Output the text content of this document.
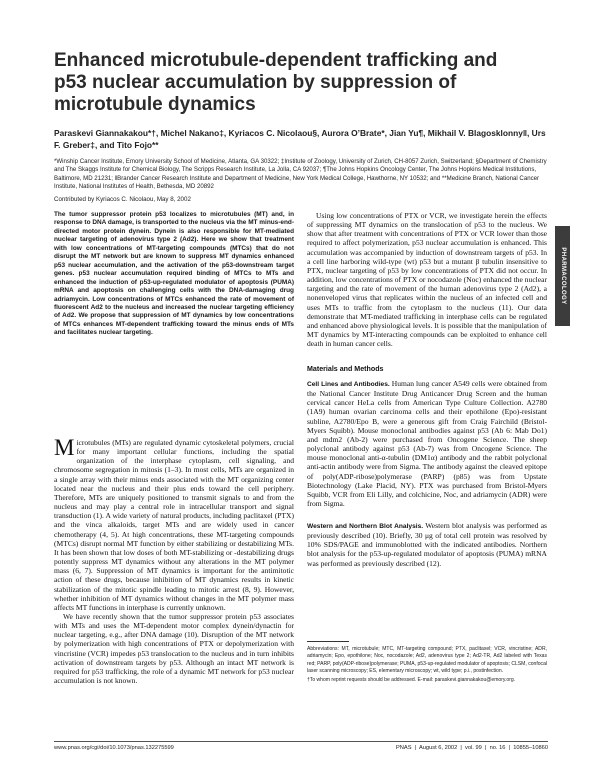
Enhanced microtubule-dependent trafficking and p53 nuclear accumulation by suppression of microtubule dynamics
Paraskevi Giannakakou*†, Michel Nakano‡, Kyriacos C. Nicolaou§, Aurora O’Brate*, Jian Yu¶, Mikhail V. Blagosklonny‖, Urs F. Greber‡, and Tito Fojo**
*Winship Cancer Institute, Emory University School of Medicine, Atlanta, GA 30322; ‡Institute of Zoology, University of Zurich, CH-8057 Zurich, Switzerland; §Department of Chemistry and The Skaggs Institute for Chemical Biology, The Scripps Research Institute, La Jolla, CA 92037; ¶The Johns Hopkins Oncology Center, The Johns Hopkins Medical Institutions, Baltimore, MD 21231; ‖Brander Cancer Research Institute and Department of Medicine, New York Medical College, Hawthorne, NY 10532; and **Medicine Branch, National Cancer Institute, National Institutes of Health, Bethesda, MD 20892
Contributed by Kyriacos C. Nicolaou, May 8, 2002
The tumor suppressor protein p53 localizes to microtubules (MT) and, in response to DNA damage, is transported to the nucleus via the MT minus-end-directed motor protein dynein. Dynein is also responsible for MT-mediated nuclear targeting of adenovirus type 2 (Ad2). Here we show that treatment with low concentrations of MT-targeting compounds (MTCs) that do not disrupt the MT network but are known to suppress MT dynamics enhanced p53 nuclear accumulation, and the activation of the p53-downstream target genes. p53 nuclear accumulation required binding of MTCs to MTs and enhanced the induction of p53-up-regulated modulator of apoptosis (PUMA) mRNA and apoptosis on challenging cells with the DNA-damaging drug adriamycin. Low concentrations of MTCs enhanced the rate of movement of fluorescent Ad2 to the nucleus and increased the nuclear targeting efficiency of Ad2. We propose that suppression of MT dynamics by low concentrations of MTCs enhances MT-dependent trafficking toward the minus ends of MTs and facilitates nuclear targeting.

Microtubules (MTs) are regulated dynamic cytoskeletal polymers, crucial for many important cellular functions, including the spatial organization of the interphase cytoplasm, cell signaling, and chromosome segregation in mitosis (1–3). In most cells, MTs are organized in a single array with their minus ends associated with the MT organizing center located near the nucleus and their plus ends toward the cell periphery. Therefore, MTs are uniquely positioned to transmit signals to and from the nucleus and may play a central role in intracellular transport and signal transduction (1). A wide variety of natural products, including paclitaxel (PTX) and the vinca alkaloids, target MTs and are widely used in cancer chemotherapy (4, 5). At high concentrations, these MT-targeting compounds (MTCs) disrupt normal MT function by either stabilizing or destabilizing MTs. It has been shown that low doses of both MT-stabilizing or -destabilizing drugs potently suppress MT dynamics without any alterations in the MT polymer mass (6, 7). Suppression of MT dynamics is important for the antimitotic action of these drugs, because inhibition of MT dynamics results in kinetic stabilization of the mitotic spindle leading to mitotic arrest (8, 9). However, whether inhibition of MT dynamics without changes in the MT polymer mass affects MT functions in interphase is currently unknown.

We have recently shown that the tumor suppressor protein p53 associates with MTs and uses the MT-dependent motor complex dynein/dynactin for nuclear targeting, e.g., after DNA damage (10). Disruption of the MT network by polymerization with high concentrations of PTX or depolymerization with vincristine (VCR) impedes p53 translocation to the nucleus and in turn inhibits activation of downstream targets by p53. Although an intact MT network is required for p53 trafficking, the role of a dynamic MT network for p53 nuclear accumulation is not known.

Using low concentrations of PTX or VCR, we investigate herein the effects of suppressing MT dynamics on the translocation of p53 to the nucleus. We show that after treatment with concentrations of PTX or VCR lower than those required to affect polymerization, p53 nuclear accumulation is enhanced. This accumulation was accompanied by induction of downstream targets of p53. In a cell line harboring wild-type (wt) p53 but a mutant β tubulin insensitive to PTX, nuclear targeting of p53 by low concentrations of PTX did not occur. In addition, low concentrations of PTX or nocodazole (Noc) enhanced the nuclear targeting and the rate of movement of the human adenovirus type 2 (Ad2), a nonenveloped virus that replicates within the nucleus of an infected cell and uses MTs to traffic from the cytoplasm to the nucleus (11). Our data demonstrate that MT-mediated trafficking in interphase cells can be regulated and enhanced above physiological levels. It is possible that the manipulation of MT dynamics by MT-interacting compounds can be exploited to enhance cell death in human cancer cells.

Materials and Methods

Cell Lines and Antibodies. Human lung cancer A549 cells were obtained from the National Cancer Institute Drug Anticancer Drug Screen and the human cervical cancer HeLa cells from American Type Culture Collection. A2780 (1A9) human ovarian carcinoma cells and their epothilone (Epo)-resistant subline, A2780/Epo B, were a generous gift from Craig Fairchild (Bristol-Myers Squibb). Mouse monoclonal antibodies against p53 (Ab 6: Mab Do1) and mdm2 (Ab-2) were purchased from Oncogene Science. The sheep polyclonal antibody against p53 (Ab-7) was from Oncogene Science. The mouse monoclonal anti-α-tubulin (DM1α) antibody and the rabbit polyclonal anti-actin antibody were from Sigma. The antibody against the cleaved epitope of poly(ADP-ribose)polymerase (PARP) (p85) was from Upstate Biotechnology (Lake Placid, NY). PTX was purchased from Bristol-Myers Squibb, VCR from Eli Lilly, and colchicine, Noc, and adriamycin (ADR) were from Sigma.

Western and Northern Blot Analysis. Western blot analysis was performed as previously described (10). Briefly, 30 μg of total cell protein was resolved by 10% SDS/PAGE and immunoblotted with the indicated antibodies. Northern blot analysis for the p53-up-regulated modulator of apoptosis (PUMA) mRNA was performed as previously described (12).

Abbreviations: MT, microtubule; MTC, MT-targeting compound; PTX, paclitaxel; VCR, vincristine; ADR, adriamycin; Epo, epothilone; Noc, nocodazole; Ad2, adenovirus type 2; Ad2-TR, Ad2 labeled with Texas red; PARP, poly(ADP-ribose)polymerase; PUMA, p53-up-regulated modulator of apoptosis; CLSM, confocal laser scanning microscopy; ES, elementary microscopy; wt, wild type; p.i., postinfection.

†To whom reprint requests should be addressed. E-mail: paraskevi.giannakakou@emory.org.

PHARMACOLOGY
www.pnas.org/cgi/doi/10.1073/pnas.132275599	PNAS  |  August 6, 2002  |  vol. 99  |  no. 16  |  10855–10860
